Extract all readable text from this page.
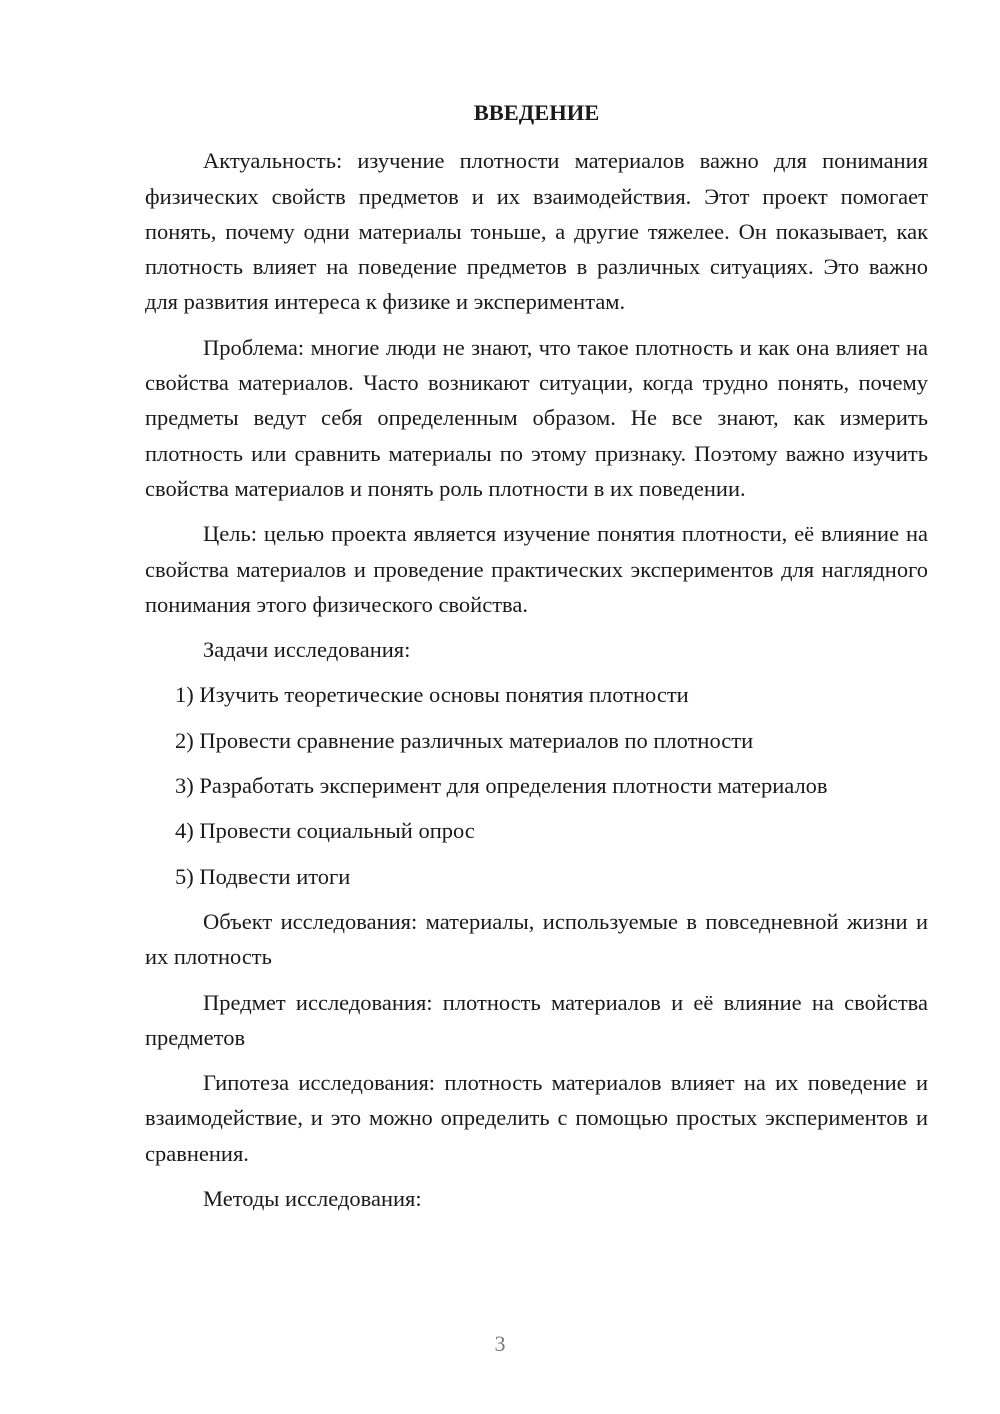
ВВЕДЕНИЕ

Актуальность: изучение плотности материалов важно для понимания физических свойств предметов и их взаимодействия. Этот проект помогает понять, почему одни материалы тоньше, а другие тяжелее. Он показывает, как плотность влияет на поведение предметов в различных ситуациях. Это важно для развития интереса к физике и экспериментам.

Проблема: многие люди не знают, что такое плотность и как она влияет на свойства материалов. Часто возникают ситуации, когда трудно понять, почему предметы ведут себя определенным образом. Не все знают, как измерить плотность или сравнить материалы по этому признаку. Поэтому важно изучить свойства материалов и понять роль плотности в их поведении.

Цель: целью проекта является изучение понятия плотности, её влияние на свойства материалов и проведение практических экспериментов для наглядного понимания этого физического свойства.

Задачи исследования:

1) Изучить теоретические основы понятия плотности

2) Провести сравнение различных материалов по плотности

3) Разработать эксперимент для определения плотности материалов

4) Провести социальный опрос

5) Подвести итоги

Объект исследования: материалы, используемые в повседневной жизни и их плотность

Предмет исследования: плотность материалов и её влияние на свойства предметов

Гипотеза исследования: плотность материалов влияет на их поведение и взаимодействие, и это можно определить с помощью простых экспериментов и сравнения.

Методы исследования:

3
